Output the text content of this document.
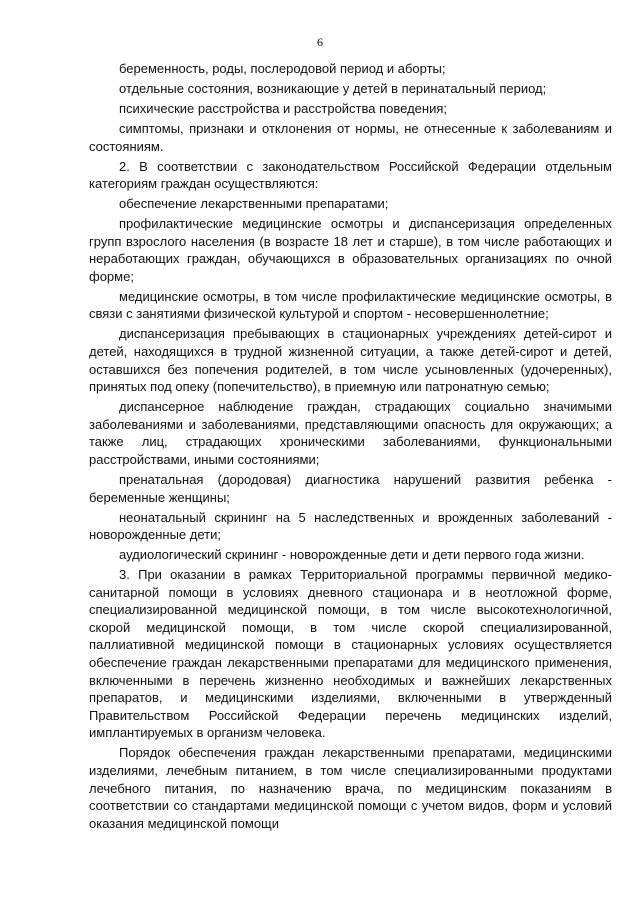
6

беременность, роды, послеродовой период и аборты;

отдельные состояния, возникающие у детей в перинатальный период;

психические расстройства и расстройства поведения;

симптомы, признаки и отклонения от нормы, не отнесенные к заболеваниям и состояниям.

2. В соответствии с законодательством Российской Федерации отдельным категориям граждан осуществляются:

обеспечение лекарственными препаратами;

профилактические медицинские осмотры и диспансеризация определенных групп взрослого населения (в возрасте 18 лет и старше), в том числе работающих и неработающих граждан, обучающихся в образовательных организациях по очной форме;

медицинские осмотры, в том числе профилактические медицинские осмотры, в связи с занятиями физической культурой и спортом - несовершеннолетние;

диспансеризация пребывающих в стационарных учреждениях детей-сирот и детей, находящихся в трудной жизненной ситуации, а также детей-сирот и детей, оставшихся без попечения родителей, в том числе усыновленных (удочеренных), принятых под опеку (попечительство), в приемную или патронатную семью;

диспансерное наблюдение граждан, страдающих социально значимыми заболеваниями и заболеваниями, представляющими опасность для окружающих; а также лиц, страдающих хроническими заболеваниями, функциональными расстройствами, иными состояниями;

пренатальная (дородовая) диагностика нарушений развития ребенка - беременные женщины;

неонатальный скрининг на 5 наследственных и врожденных заболеваний - новорожденные дети;

аудиологический скрининг - новорожденные дети и дети первого года жизни.

3. При оказании в рамках Территориальной программы первичной медико-санитарной помощи в условиях дневного стационара и в неотложной форме, специализированной медицинской помощи, в том числе высокотехнологичной, скорой медицинской помощи, в том числе скорой специализированной, паллиативной медицинской помощи в стационарных условиях осуществляется обеспечение граждан лекарственными препаратами для медицинского применения, включенными в перечень жизненно необходимых и важнейших лекарственных препаратов, и медицинскими изделиями, включенными в утвержденный Правительством Российской Федерации перечень медицинских изделий, имплантируемых в организм человека.

Порядок обеспечения граждан лекарственными препаратами, медицинскими изделиями, лечебным питанием, в том числе специализированными продуктами лечебного питания, по назначению врача, по медицинским показаниям в соответствии со стандартами медицинской помощи с учетом видов, форм и условий оказания медицинской помощи
